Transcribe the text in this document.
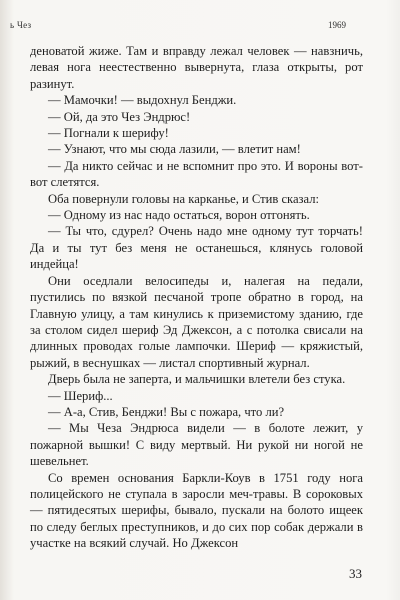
ь Чез	1969

деноватой жиже. Там и вправду лежал человек — навзничь, левая нога неестественно вывернута, глаза открыты, рот разинут.

— Мамочки! — выдохнул Бенджи.

— Ой, да это Чез Эндрюс!

— Погнали к шерифу!

— Узнают, что мы сюда лазили, — влетит нам!

— Да никто сейчас и не вспомнит про это. И вороны вот-вот слетятся.

Оба повернули головы на карканье, и Стив сказал:

— Одному из нас надо остаться, ворон отгонять.

— Ты что, сдурел? Очень надо мне одному тут торчать! Да и ты тут без меня не останешься, клянусь головой индейца!

Они оседлали велосипеды и, налегая на педали, пустились по вязкой песчаной тропе обратно в город, на Главную улицу, а там кинулись к приземистому зданию, где за столом сидел шериф Эд Джексон, а с потолка свисали на длинных проводах голые лампочки. Шериф — кряжистый, рыжий, в веснушках — листал спортивный журнал.

Дверь была не заперта, и мальчишки влетели без стука.

— Шериф...

— А-а, Стив, Бенджи! Вы с пожара, что ли?

— Мы Чеза Эндрюса видели — в болоте лежит, у пожарной вышки! С виду мертвый. Ни рукой ни ногой не шевельнет.

Со времен основания Баркли-Коув в 1751 году нога полицейского не ступала в заросли меч-травы. В сороковых — пятидесятых шерифы, бывало, пускали на болото ищеек по следу беглых преступников, и до сих пор собак держали в участке на всякий случай. Но Джексон

33
